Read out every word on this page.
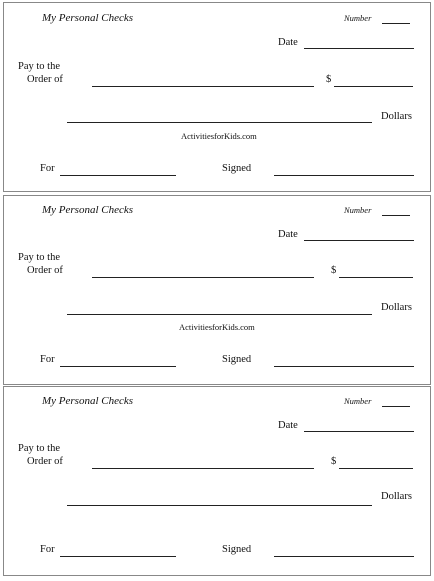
My Personal Checks	Number
Date
Pay to the
Order of	$
Dollars
ActivitiesforKids.com
For	Signed
My Personal Checks	Number
Date
Pay to the
Order of	$
Dollars
ActivitiesforKids.com
For	Signed
My Personal Checks	Number
Date
Pay to the
Order of	$
Dollars
For	Signed
